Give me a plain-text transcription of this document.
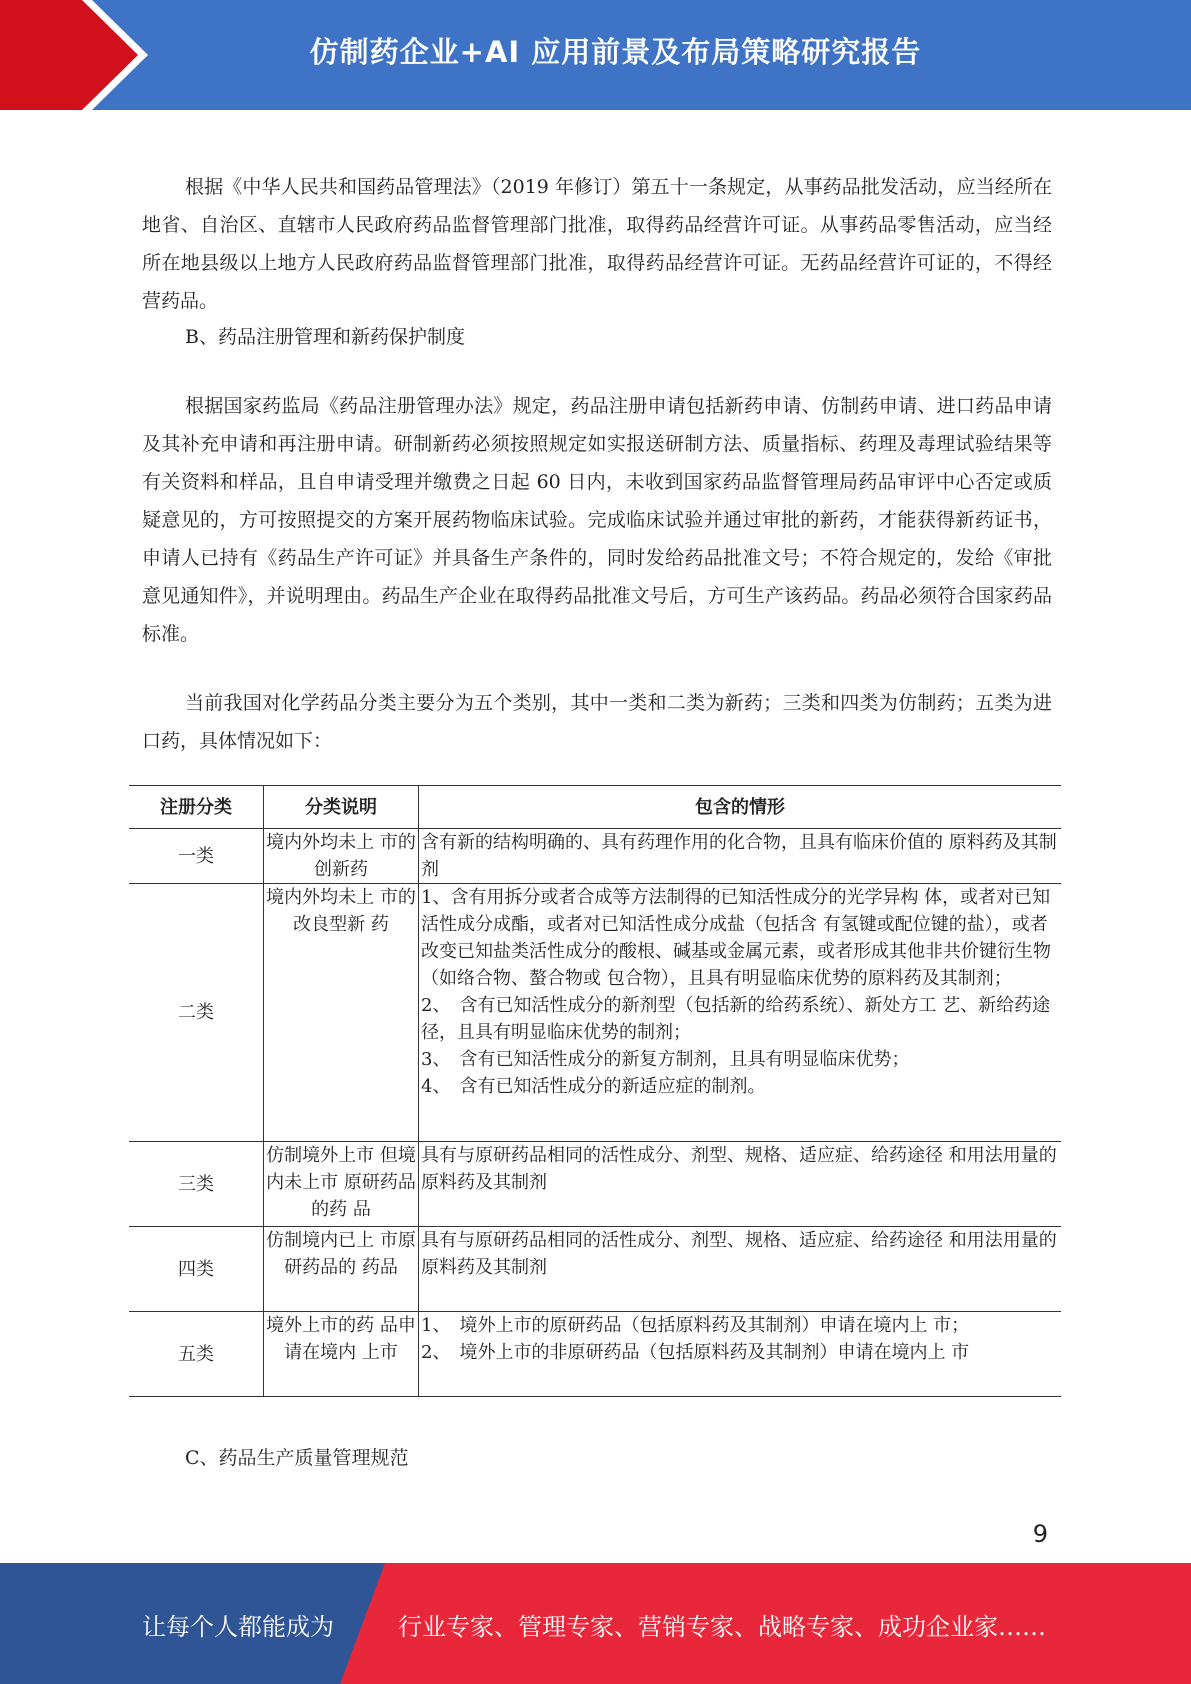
仿制药企业+AI 应用前景及布局策略研究报告
根据《中华人民共和国药品管理法》（2019 年修订）第五十一条规定，从事药品批发活动，应当经所在地省、自治区、直辖市人民政府药品监督管理部门批准，取得药品经营许可证。从事药品零售活动，应当经所在地县级以上地方人民政府药品监督管理部门批准，取得药品经营许可证。无药品经营许可证的，不得经营药品。
B、药品注册管理和新药保护制度
根据国家药监局《药品注册管理办法》规定，药品注册申请包括新药申请、仿制药申请、进口药品申请及其补充申请和再注册申请。研制新药必须按照规定如实报送研制方法、质量指标、药理及毒理试验结果等有关资料和样品，且自申请受理并缴费之日起 60 日内，未收到国家药品监督管理局药品审评中心否定或质疑意见的，方可按照提交的方案开展药物临床试验。完成临床试验并通过审批的新药，才能获得新药证书，申请人已持有《药品生产许可证》并具备生产条件的，同时发给药品批准文号；不符合规定的，发给《审批意见通知件》，并说明理由。药品生产企业在取得药品批准文号后，方可生产该药品。药品必须符合国家药品标准。
当前我国对化学药品分类主要分为五个类别，其中一类和二类为新药；三类和四类为仿制药；五类为进口药，具体情况如下：
注册分类	分类说明	包含的情形
一类	境内外均未上 市的创新药	含有新的结构明确的、具有药理作用的化合物，且具有临床价值的 原料药及其制剂

二类	境内外均未上 市的改良型新 药	1、含有用拆分或者合成等方法制得的已知活性成分的光学异构 体，或者对已知活性成分成酯，或者对已知活性成分成盐（包括含 有氢键或配位键的盐），或者改变已知盐类活性成分的酸根、碱基或金属元素，或者形成其他非共价键衍生物（如络合物、螯合物或 包合物），且具有明显临床优势的原料药及其制剂；
2、　含有已知活性成分的新剂型（包括新的给药系统）、新处方工 艺、新给药途径，且具有明显临床优势的制剂；
3、　含有已知活性成分的新复方制剂，且具有明显临床优势；
4、　含有已知活性成分的新适应症的制剂。

三类	仿制境外上市 但境内未上市 原研药品的药 品	具有与原研药品相同的活性成分、剂型、规格、适应症、给药途径 和用法用量的原料药及其制剂

四类	仿制境内已上 市原研药品的 药品	具有与原研药品相同的活性成分、剂型、规格、适应症、给药途径 和用法用量的原料药及其制剂

五类	境外上市的药 品申请在境内 上市	1、　境外上市的原研药品（包括原料药及其制剂）申请在境内上 市；
2、　境外上市的非原研药品（包括原料药及其制剂）申请在境内上 市
C、药品生产质量管理规范
9
让每个人都能成为	行业专家、管理专家、营销专家、战略专家、成功企业家……
